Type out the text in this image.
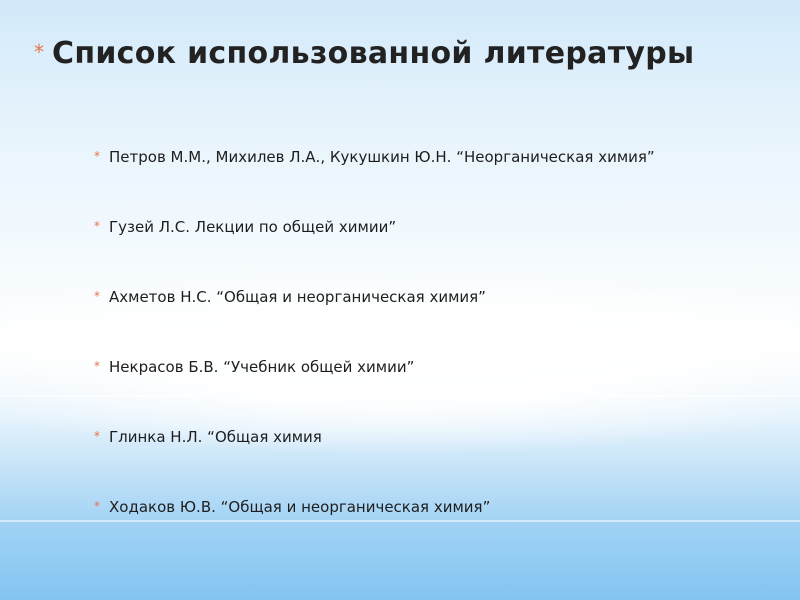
* Список использованной литературы
* Петров М.М., Михилев Л.А., Кукушкин Ю.Н. “Неорганическая химия”
* Гузей Л.С. Лекции по общей химии”
* Ахметов Н.С. “Общая и неорганическая химия”
* Некрасов Б.В. “Учебник общей химии”
* Глинка Н.Л. “Общая химия
* Ходаков Ю.В. “Общая и неорганическая химия”
